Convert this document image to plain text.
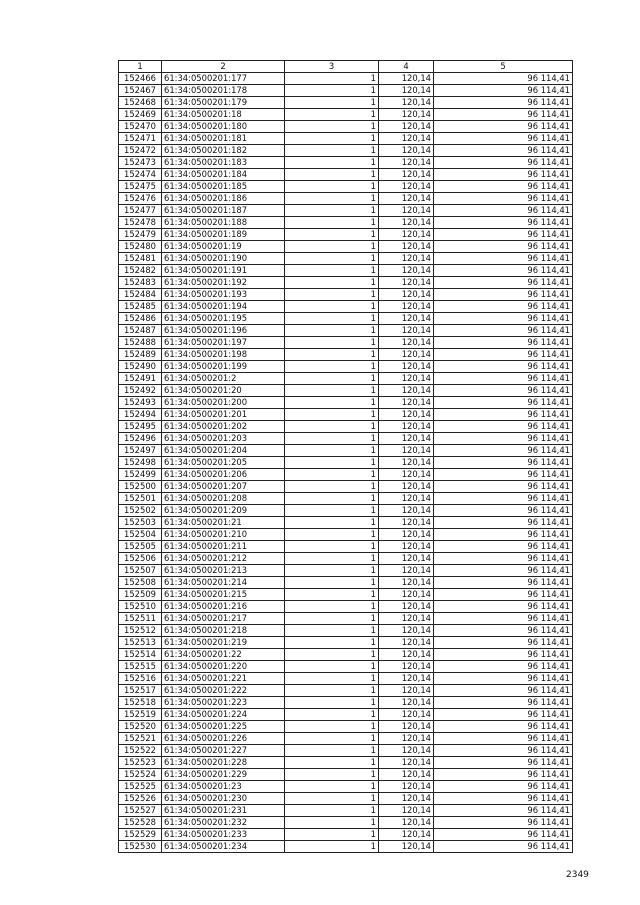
1	2	3	4	5
152466	61:34:0500201:177	1	120,14	96 114,41
152467	61:34:0500201:178	1	120,14	96 114,41
152468	61:34:0500201:179	1	120,14	96 114,41
152469	61:34:0500201:18	1	120,14	96 114,41
152470	61:34:0500201:180	1	120,14	96 114,41
152471	61:34:0500201:181	1	120,14	96 114,41
152472	61:34:0500201:182	1	120,14	96 114,41
152473	61:34:0500201:183	1	120,14	96 114,41
152474	61:34:0500201:184	1	120,14	96 114,41
152475	61:34:0500201:185	1	120,14	96 114,41
152476	61:34:0500201:186	1	120,14	96 114,41
152477	61:34:0500201:187	1	120,14	96 114,41
152478	61:34:0500201:188	1	120,14	96 114,41
152479	61:34:0500201:189	1	120,14	96 114,41
152480	61:34:0500201:19	1	120,14	96 114,41
152481	61:34:0500201:190	1	120,14	96 114,41
152482	61:34:0500201:191	1	120,14	96 114,41
152483	61:34:0500201:192	1	120,14	96 114,41
152484	61:34:0500201:193	1	120,14	96 114,41
152485	61:34:0500201:194	1	120,14	96 114,41
152486	61:34:0500201:195	1	120,14	96 114,41
152487	61:34:0500201:196	1	120,14	96 114,41
152488	61:34:0500201:197	1	120,14	96 114,41
152489	61:34:0500201:198	1	120,14	96 114,41
152490	61:34:0500201:199	1	120,14	96 114,41
152491	61:34:0500201:2	1	120,14	96 114,41
152492	61:34:0500201:20	1	120,14	96 114,41
152493	61:34:0500201:200	1	120,14	96 114,41
152494	61:34:0500201:201	1	120,14	96 114,41
152495	61:34:0500201:202	1	120,14	96 114,41
152496	61:34:0500201:203	1	120,14	96 114,41
152497	61:34:0500201:204	1	120,14	96 114,41
152498	61:34:0500201:205	1	120,14	96 114,41
152499	61:34:0500201:206	1	120,14	96 114,41
152500	61:34:0500201:207	1	120,14	96 114,41
152501	61:34:0500201:208	1	120,14	96 114,41
152502	61:34:0500201:209	1	120,14	96 114,41
152503	61:34:0500201:21	1	120,14	96 114,41
152504	61:34:0500201:210	1	120,14	96 114,41
152505	61:34:0500201:211	1	120,14	96 114,41
152506	61:34:0500201:212	1	120,14	96 114,41
152507	61:34:0500201:213	1	120,14	96 114,41
152508	61:34:0500201:214	1	120,14	96 114,41
152509	61:34:0500201:215	1	120,14	96 114,41
152510	61:34:0500201:216	1	120,14	96 114,41
152511	61:34:0500201:217	1	120,14	96 114,41
152512	61:34:0500201:218	1	120,14	96 114,41
152513	61:34:0500201:219	1	120,14	96 114,41
152514	61:34:0500201:22	1	120,14	96 114,41
152515	61:34:0500201:220	1	120,14	96 114,41
152516	61:34:0500201:221	1	120,14	96 114,41
152517	61:34:0500201:222	1	120,14	96 114,41
152518	61:34:0500201:223	1	120,14	96 114,41
152519	61:34:0500201:224	1	120,14	96 114,41
152520	61:34:0500201:225	1	120,14	96 114,41
152521	61:34:0500201:226	1	120,14	96 114,41
152522	61:34:0500201:227	1	120,14	96 114,41
152523	61:34:0500201:228	1	120,14	96 114,41
152524	61:34:0500201:229	1	120,14	96 114,41
152525	61:34:0500201:23	1	120,14	96 114,41
152526	61:34:0500201:230	1	120,14	96 114,41
152527	61:34:0500201:231	1	120,14	96 114,41
152528	61:34:0500201:232	1	120,14	96 114,41
152529	61:34:0500201:233	1	120,14	96 114,41
152530	61:34:0500201:234	1	120,14	96 114,41
2349
